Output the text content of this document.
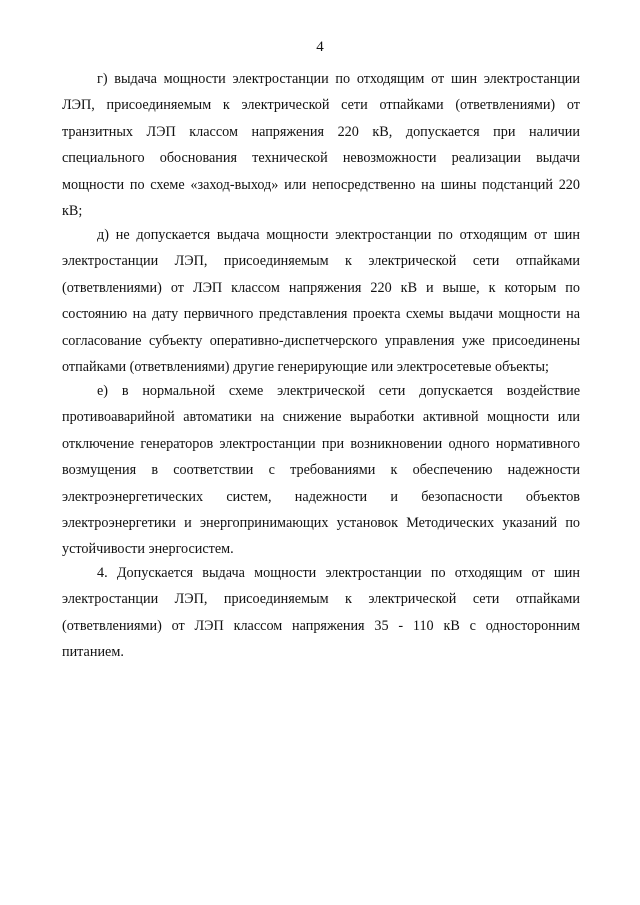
4

г) выдача мощности электростанции по отходящим от шин электростанции ЛЭП, присоединяемым к электрической сети отпайками (ответвлениями) от транзитных ЛЭП классом напряжения 220 кВ, допускается при наличии специального обоснования технической невозможности реализации выдачи мощности по схеме «заход-выход» или непосредственно на шины подстанций 220 кВ;

д) не допускается выдача мощности электростанции по отходящим от шин электростанции ЛЭП, присоединяемым к электрической сети отпайками (ответвлениями) от ЛЭП классом напряжения 220 кВ и выше, к которым по состоянию на дату первичного представления проекта схемы выдачи мощности на согласование субъекту оперативно-диспетчерского управления уже присоединены отпайками (ответвлениями) другие генерирующие или электросетевые объекты;

е) в нормальной схеме электрической сети допускается воздействие противоаварийной автоматики на снижение выработки активной мощности или отключение генераторов электростанции при возникновении одного нормативного возмущения в соответствии с требованиями к обеспечению надежности электроэнергетических систем, надежности и безопасности объектов электроэнергетики и энергопринимающих установок Методических указаний по устойчивости энергосистем.

4. Допускается выдача мощности электростанции по отходящим от шин электростанции ЛЭП, присоединяемым к электрической сети отпайками (ответвлениями) от ЛЭП классом напряжения 35 - 110 кВ с односторонним питанием.
